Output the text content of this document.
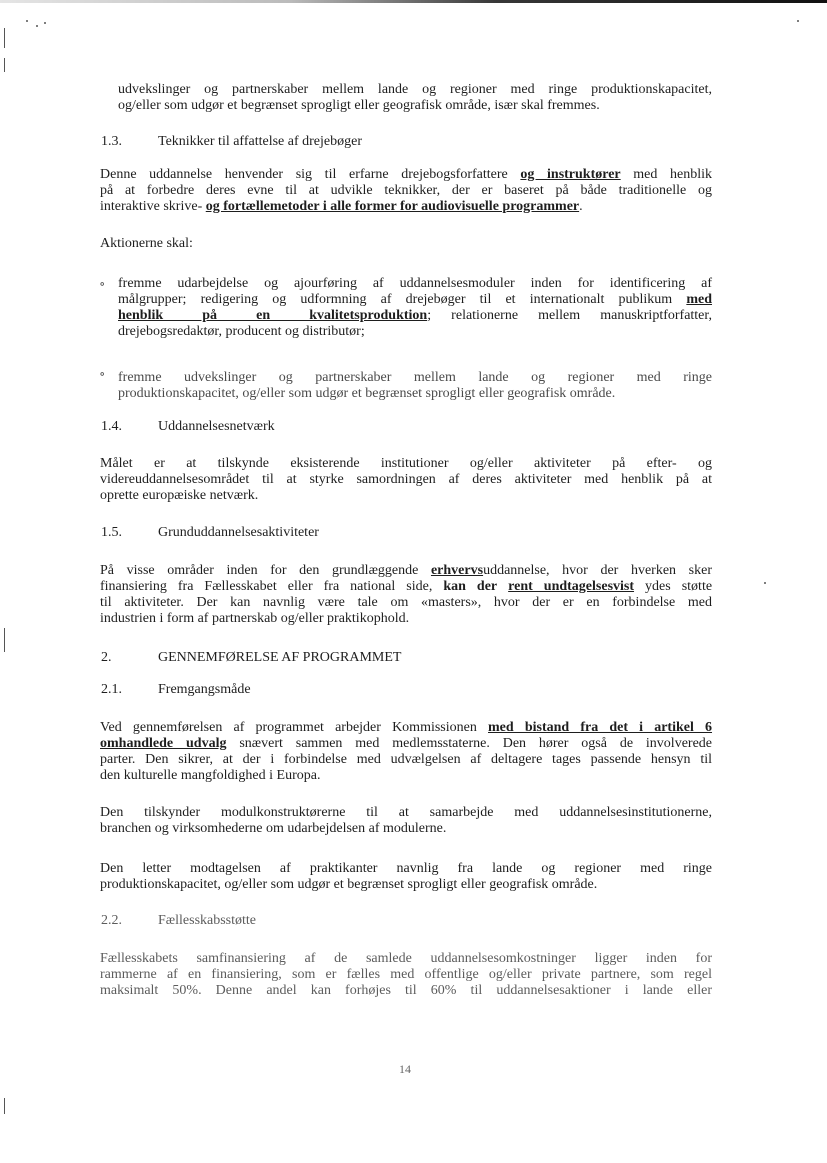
udvekslinger og partnerskaber mellem lande og regioner med ringe produktionskapacitet,
og/eller som udgør et begrænset sprogligt eller geografisk område, især skal fremmes.
1.3.	Teknikker til affattelse af drejebøger
Denne uddannelse henvender sig til erfarne drejebogsforfattere og instruktører med henblik
på at forbedre deres evne til at udvikle teknikker, der er baseret på både traditionelle og
interaktive skrive- og fortællemetoder i alle former for audiovisuelle programmer.
Aktionerne skal:
∘ fremme udarbejdelse og ajourføring af uddannelsesmoduler inden for identificering af
målgrupper; redigering og udformning af drejebøger til et internationalt publikum med
henblik på en kvalitetsproduktion; relationerne mellem manuskriptforfatter,
drejebogsredaktør, producent og distributør;
∘ fremme udvekslinger og partnerskaber mellem lande og regioner med ringe
produktionskapacitet, og/eller som udgør et begrænset sprogligt eller geografisk område.
1.4.	Uddannelsesnetværk
Målet er at tilskynde eksisterende institutioner og/eller aktiviteter på efter- og
videreuddannelsesområdet til at styrke samordningen af deres aktiviteter med henblik på at
oprette europæiske netværk.
1.5.	Grunduddannelsesaktiviteter
På visse områder inden for den grundlæggende erhvervsuddannelse, hvor der hverken sker
finansiering fra Fællesskabet eller fra national side, kan der rent undtagelsesvist ydes støtte
til aktiviteter. Der kan navnlig være tale om «masters», hvor der er en forbindelse med
industrien i form af partnerskab og/eller praktikophold.
2.	GENNEMFØRELSE AF PROGRAMMET
2.1.	Fremgangsmåde
Ved gennemførelsen af programmet arbejder Kommissionen med bistand fra det i artikel 6
omhandlede udvalg snævert sammen med medlemsstaterne. Den hører også de involverede
parter. Den sikrer, at der i forbindelse med udvælgelsen af deltagere tages passende hensyn til
den kulturelle mangfoldighed i Europa.
Den tilskynder modulkonstruktørerne til at samarbejde med uddannelsesinstitutionerne,
branchen og virksomhederne om udarbejdelsen af modulerne.
Den letter modtagelsen af praktikanter navnlig fra lande og regioner med ringe
produktionskapacitet, og/eller som udgør et begrænset sprogligt eller geografisk område.
2.2.	Fællesskabsstøtte
Fællesskabets samfinansiering af de samlede uddannelsesomkostninger ligger inden for
rammerne af en finansiering, som er fælles med offentlige og/eller private partnere, som regel
maksimalt 50%. Denne andel kan forhøjes til 60% til uddannelsesaktioner i lande eller
14
